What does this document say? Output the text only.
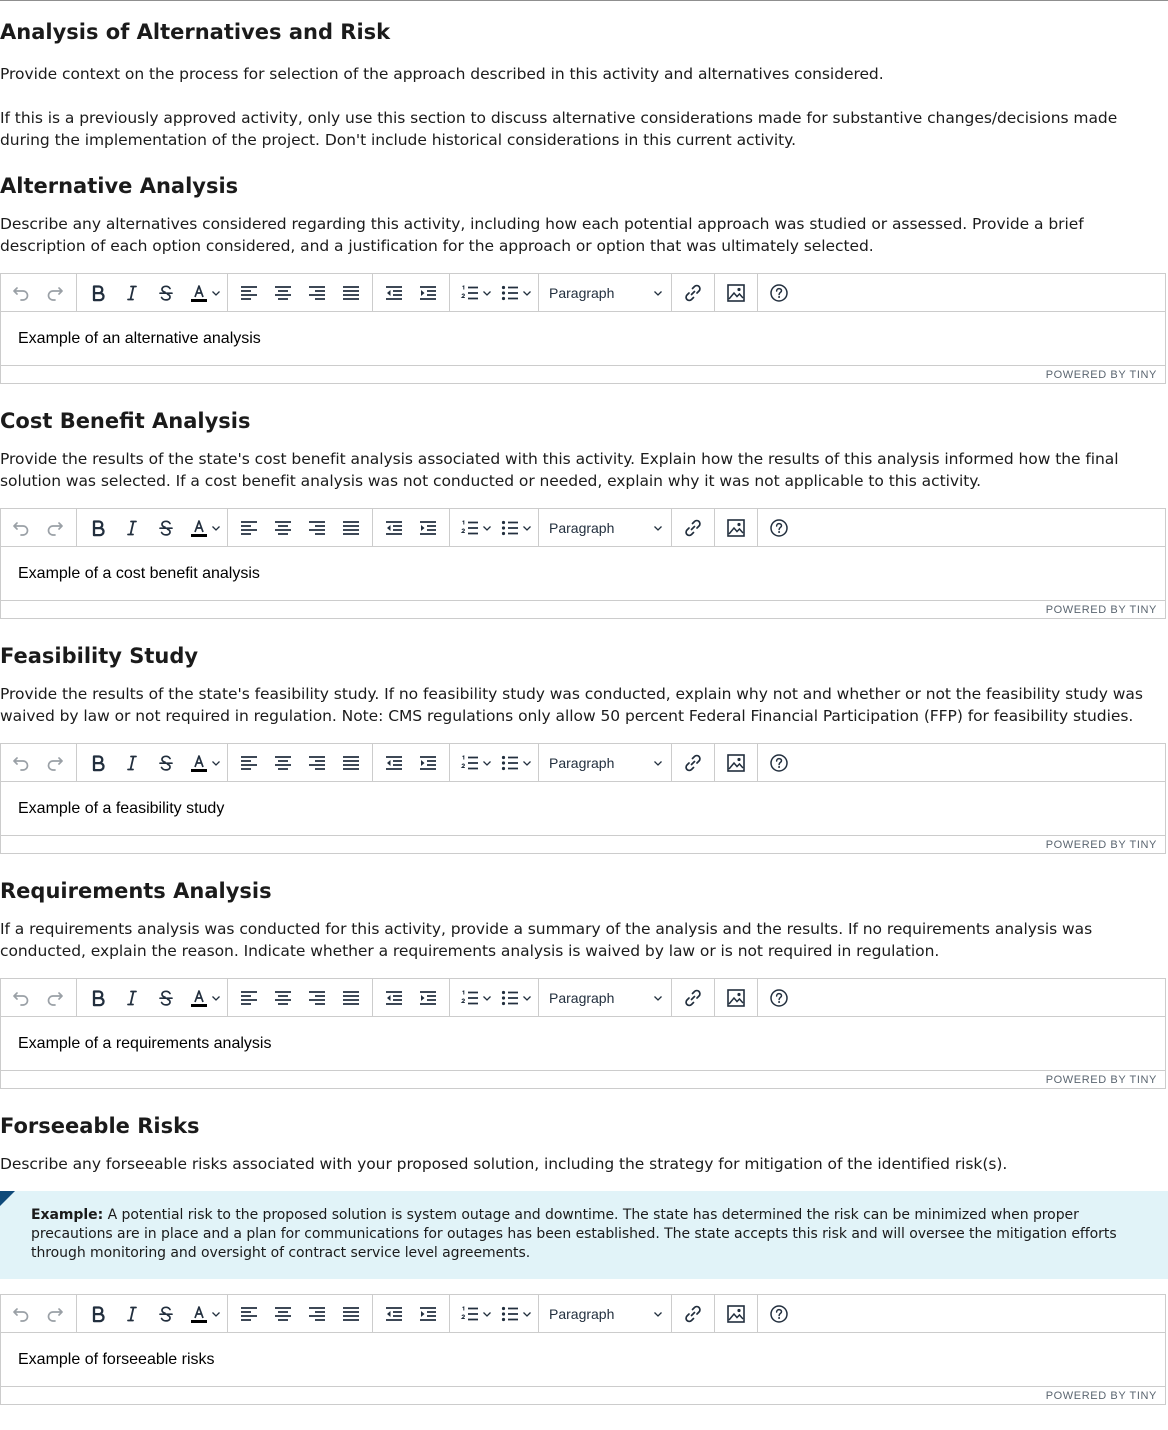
Analysis of Alternatives and Risk

Provide context on the process for selection of the approach described in this activity and alternatives considered.

If this is a previously approved activity, only use this section to discuss alternative considerations made for substantive changes/decisions made during the implementation of the project. Don't include historical considerations in this current activity.

Alternative Analysis

Describe any alternatives considered regarding this activity, including how each potential approach was studied or assessed. Provide a brief description of each option considered, and a justification for the approach or option that was ultimately selected.

Paragraph
Example of an alternative analysis
POWERED BY TINY
Cost Benefit Analysis

Provide the results of the state's cost benefit analysis associated with this activity. Explain how the results of this analysis informed how the final solution was selected. If a cost benefit analysis was not conducted or needed, explain why it was not applicable to this activity.

Paragraph
Example of a cost benefit analysis
POWERED BY TINY
Feasibility Study

Provide the results of the state's feasibility study. If no feasibility study was conducted, explain why not and whether or not the feasibility study was waived by law or not required in regulation. Note: CMS regulations only allow 50 percent Federal Financial Participation (FFP) for feasibility studies.

Paragraph
Example of a feasibility study
POWERED BY TINY
Requirements Analysis

If a requirements analysis was conducted for this activity, provide a summary of the analysis and the results. If no requirements analysis was conducted, explain the reason. Indicate whether a requirements analysis is waived by law or is not required in regulation.

Paragraph
Example of a requirements analysis
POWERED BY TINY
Forseeable Risks

Describe any forseeable risks associated with your proposed solution, including the strategy for mitigation of the identified risk(s).

Example: A potential risk to the proposed solution is system outage and downtime. The state has determined the risk can be minimized when proper precautions are in place and a plan for communications for outages has been established. The state accepts this risk and will oversee the mitigation efforts through monitoring and oversight of contract service level agreements.
Paragraph
Example of forseeable risks
POWERED BY TINY
